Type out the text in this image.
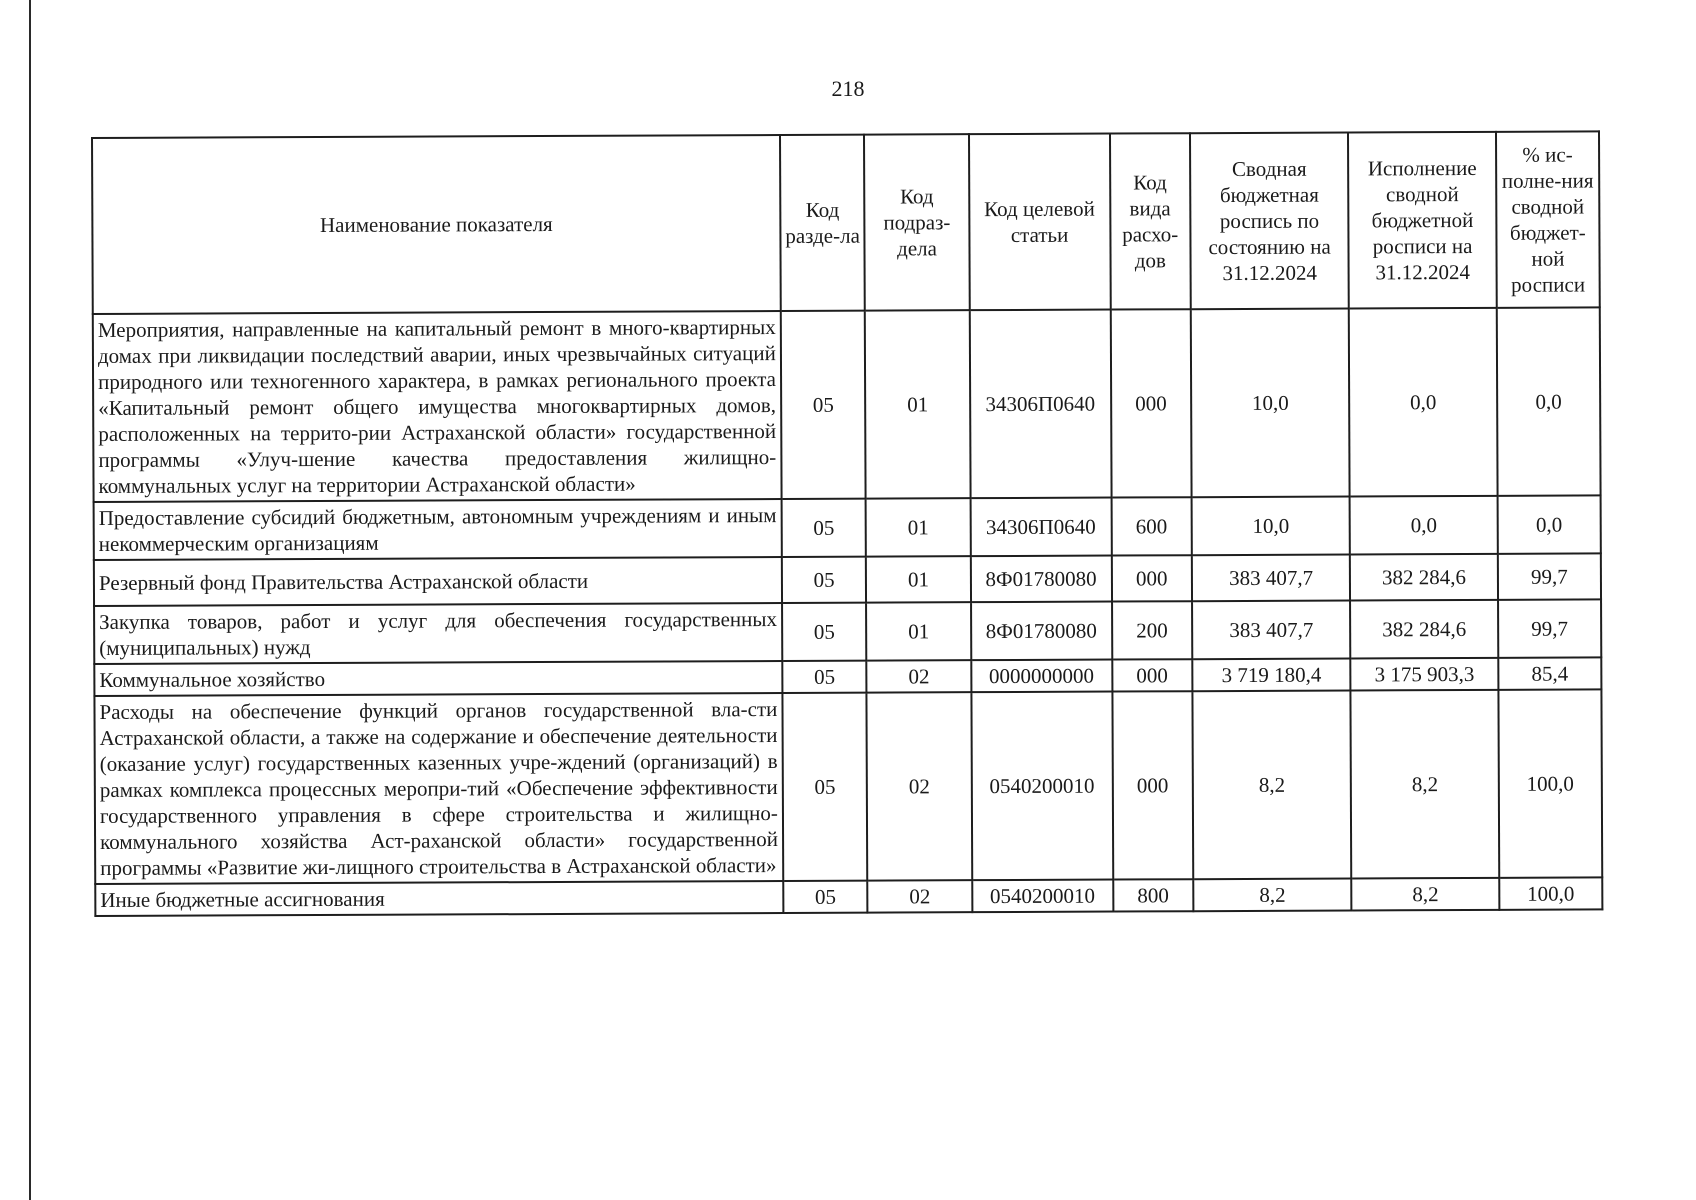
218
Наименование показателя	Код разде-ла	Код подраз-дела	Код целевой статьи	Код вида расхо-дов	Сводная бюджетная роспись по состоянию на 31.12.2024	Исполнение сводной бюджетной росписи на 31.12.2024	% ис-полне-ния сводной бюджет-ной росписи
Мероприятия, направленные на капитальный ремонт в много-квартирных домах при ликвидации последствий аварии, иных чрезвычайных ситуаций природного или техногенного характера, в рамках регионального проекта «Капитальный ремонт общего имущества многоквартирных домов, расположенных на террито-рии Астраханской области» государственной программы «Улуч-шение качества предоставления жилищно-коммунальных услуг на территории Астраханской области»	05	01	34306П0640	000	10,0	0,0	0,0
Предоставление субсидий бюджетным, автономным учреждениям и иным некоммерческим организациям	05	01	34306П0640	600	10,0	0,0	0,0
Резервный фонд Правительства Астраханской области	05	01	8Ф01780080	000	383 407,7	382 284,6	99,7
Закупка товаров, работ и услуг для обеспечения государственных (муниципальных) нужд	05	01	8Ф01780080	200	383 407,7	382 284,6	99,7
Коммунальное хозяйство	05	02	0000000000	000	3 719 180,4	3 175 903,3	85,4
Расходы на обеспечение функций органов государственной вла-сти Астраханской области, а также на содержание и обеспечение деятельности (оказание услуг) государственных казенных учре-ждений (организаций) в рамках комплекса процессных меропри-тий «Обеспечение эффективности государственного управления в сфере строительства и жилищно-коммунального хозяйства Аст-раханской области» государственной программы «Развитие жи-лищного строительства в Астраханской области»	05	02	0540200010	000	8,2	8,2	100,0
Иные бюджетные ассигнования	05	02	0540200010	800	8,2	8,2	100,0
